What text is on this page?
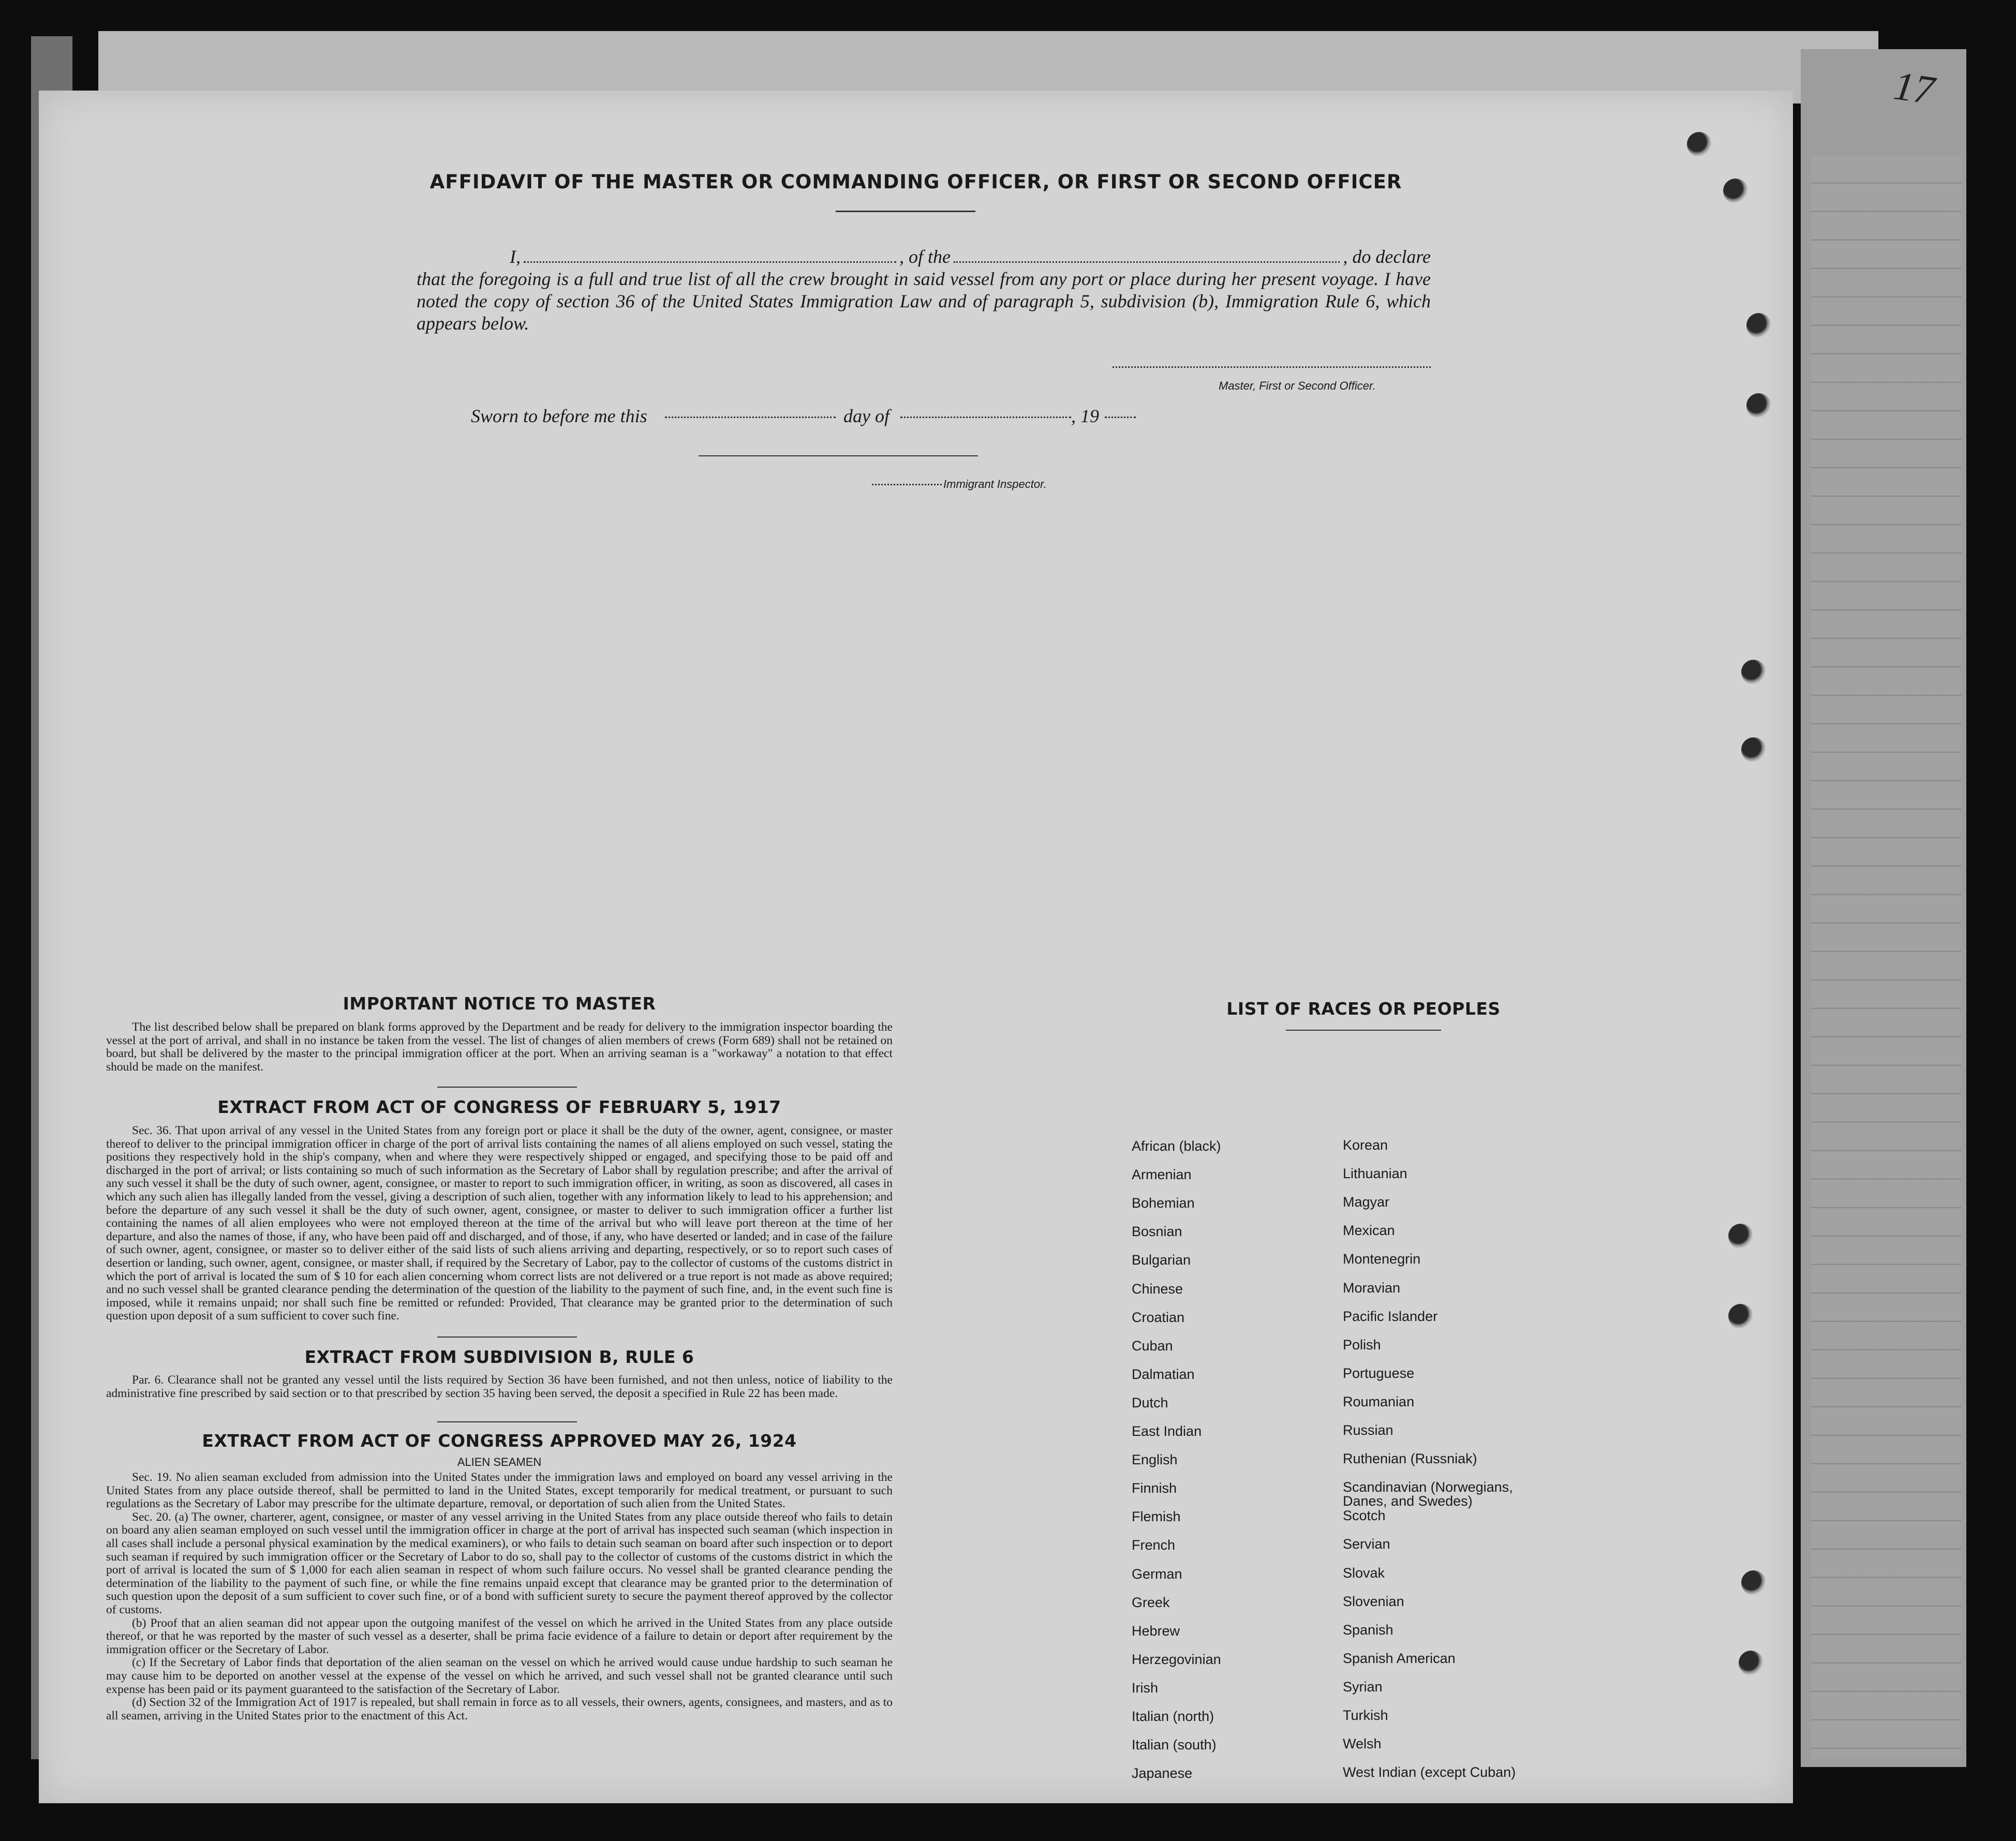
17
AFFIDAVIT OF THE MASTER OR COMMANDING OFFICER, OR FIRST OR SECOND OFFICER
I,	, of the	, do declare
that the foregoing is a full and true list of all the crew brought in said vessel from any port or place during her present voyage. I have noted the copy of section 36 of the United States Immigration Law and of paragraph 5, subdivision (b), Immigration Rule 6, which appears below.
Master, First or Second Officer.
Sworn to before me this	day of	, 19
Immigrant Inspector.
IMPORTANT NOTICE TO MASTER

The list described below shall be prepared on blank forms approved by the Department and be ready for delivery to the immigration inspector boarding the vessel at the port of arrival, and shall in no instance be taken from the vessel. The list of changes of alien members of crews (Form 689) shall not be retained on board, but shall be delivered by the master to the principal immigration officer at the port. When an arriving seaman is a "workaway" a notation to that effect should be made on the manifest.

EXTRACT FROM ACT OF CONGRESS OF FEBRUARY 5, 1917

Sec. 36. That upon arrival of any vessel in the United States from any foreign port or place it shall be the duty of the owner, agent, consignee, or master thereof to deliver to the principal immigration officer in charge of the port of arrival lists containing the names of all aliens employed on such vessel, stating the positions they respectively hold in the ship's company, when and where they were respectively shipped or engaged, and specifying those to be paid off and discharged in the port of arrival; or lists containing so much of such information as the Secretary of Labor shall by regulation prescribe; and after the arrival of any such vessel it shall be the duty of such owner, agent, consignee, or master to report to such immigration officer, in writing, as soon as discovered, all cases in which any such alien has illegally landed from the vessel, giving a description of such alien, together with any information likely to lead to his apprehension; and before the departure of any such vessel it shall be the duty of such owner, agent, consignee, or master to deliver to such immigration officer a further list containing the names of all alien employees who were not employed thereon at the time of the arrival but who will leave port thereon at the time of her departure, and also the names of those, if any, who have been paid off and discharged, and of those, if any, who have deserted or landed; and in case of the failure of such owner, agent, consignee, or master so to deliver either of the said lists of such aliens arriving and departing, respectively, or so to report such cases of desertion or landing, such owner, agent, consignee, or master shall, if required by the Secretary of Labor, pay to the collector of customs of the customs district in which the port of arrival is located the sum of $ 10 for each alien concerning whom correct lists are not delivered or a true report is not made as above required; and no such vessel shall be granted clearance pending the determination of the question of the liability to the payment of such fine, and, in the event such fine is imposed, while it remains unpaid; nor shall such fine be remitted or refunded: Provided, That clearance may be granted prior to the determination of such question upon deposit of a sum sufficient to cover such fine.

EXTRACT FROM SUBDIVISION B, RULE 6

Par. 6. Clearance shall not be granted any vessel until the lists required by Section 36 have been furnished, and not then unless, notice of liability to the administrative fine prescribed by said section or to that prescribed by section 35 having been served, the deposit a specified in Rule 22 has been made.

EXTRACT FROM ACT OF CONGRESS APPROVED MAY 26, 1924
ALIEN SEAMEN

Sec. 19. No alien seaman excluded from admission into the United States under the immigration laws and employed on board any vessel arriving in the United States from any place outside thereof, shall be permitted to land in the United States, except temporarily for medical treatment, or pursuant to such regulations as the Secretary of Labor may prescribe for the ultimate departure, removal, or deportation of such alien from the United States.

Sec. 20. (a) The owner, charterer, agent, consignee, or master of any vessel arriving in the United States from any place outside thereof who fails to detain on board any alien seaman employed on such vessel until the immigration officer in charge at the port of arrival has inspected such seaman (which inspection in all cases shall include a personal physical examination by the medical examiners), or who fails to detain such seaman on board after such inspection or to deport such seaman if required by such immigration officer or the Secretary of Labor to do so, shall pay to the collector of customs of the customs district in which the port of arrival is located the sum of $ 1,000 for each alien seaman in respect of whom such failure occurs. No vessel shall be granted clearance pending the determination of the liability to the payment of such fine, or while the fine remains unpaid except that clearance may be granted prior to the determination of such question upon the deposit of a sum sufficient to cover such fine, or of a bond with sufficient surety to secure the payment thereof approved by the collector of customs.

(b) Proof that an alien seaman did not appear upon the outgoing manifest of the vessel on which he arrived in the United States from any place outside thereof, or that he was reported by the master of such vessel as a deserter, shall be prima facie evidence of a failure to detain or deport after requirement by the immigration officer or the Secretary of Labor.

(c) If the Secretary of Labor finds that deportation of the alien seaman on the vessel on which he arrived would cause undue hardship to such seaman he may cause him to be deported on another vessel at the expense of the vessel on which he arrived, and such vessel shall not be granted clearance until such expense has been paid or its payment guaranteed to the satisfaction of the Secretary of Labor.

(d) Section 32 of the Immigration Act of 1917 is repealed, but shall remain in force as to all vessels, their owners, agents, consignees, and masters, and as to all seamen, arriving in the United States prior to the enactment of this Act.

LIST OF RACES OR PEOPLES
African (black)	Korean
Armenian	Lithuanian
Bohemian	Magyar
Bosnian	Mexican
Bulgarian	Montenegrin
Chinese	Moravian
Croatian	Pacific Islander
Cuban	Polish
Dalmatian	Portuguese
Dutch	Roumanian
East Indian	Russian
English	Ruthenian (Russniak)
Finnish	Scandinavian (Norwegians, Danes, and Swedes)
Flemish	Scotch
French	Servian
German	Slovak
Greek	Slovenian
Hebrew	Spanish
Herzegovinian	Spanish American
Irish	Syrian
Italian (north)	Turkish
Italian (south)	Welsh
Japanese	West Indian (except Cuban)
